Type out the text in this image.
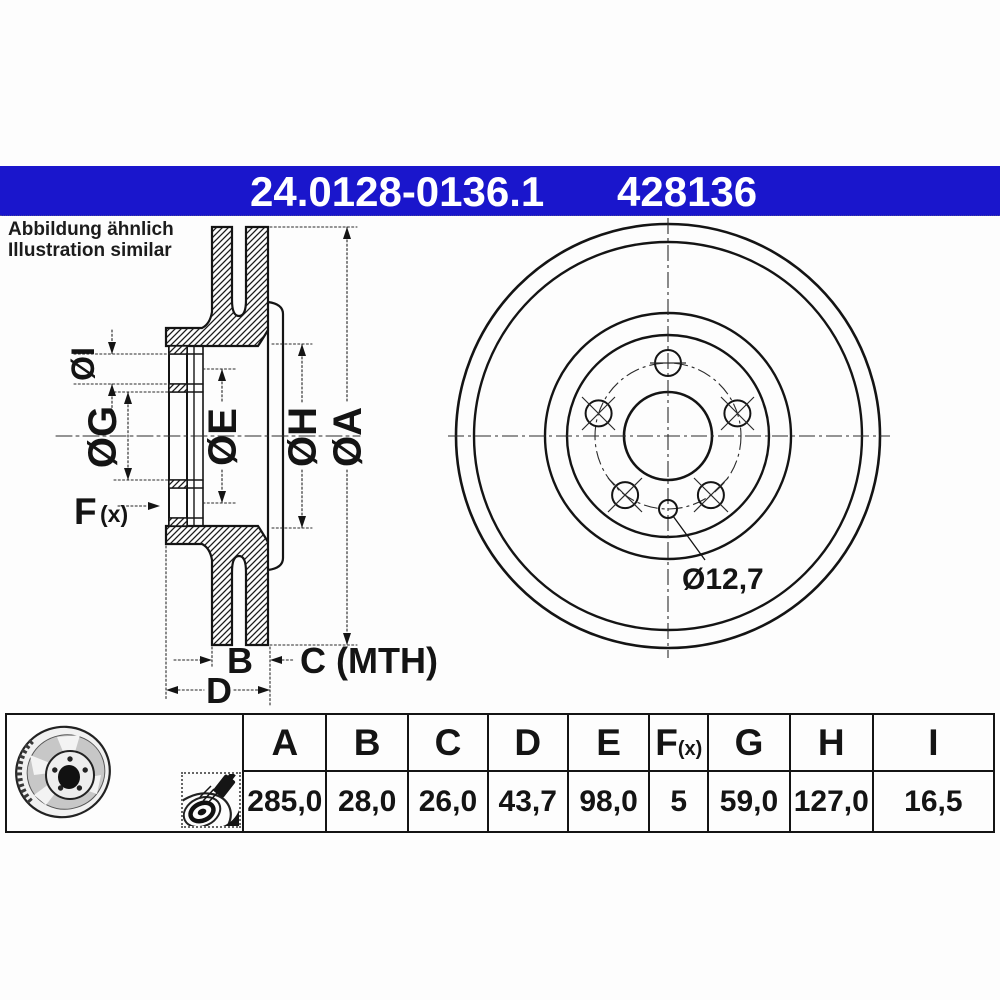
24.0128-0136.1 428136
Abbildung ähnlich
Illustration similar
ØI
ØG ØE ØH ØA
F (x)
B C (MTH)
D
Ø12,7
	A	B	C	D	E	F(x)	G	H	I
	285,0	28,0	26,0	43,7	98,0	5	59,0	127,0	16,5
